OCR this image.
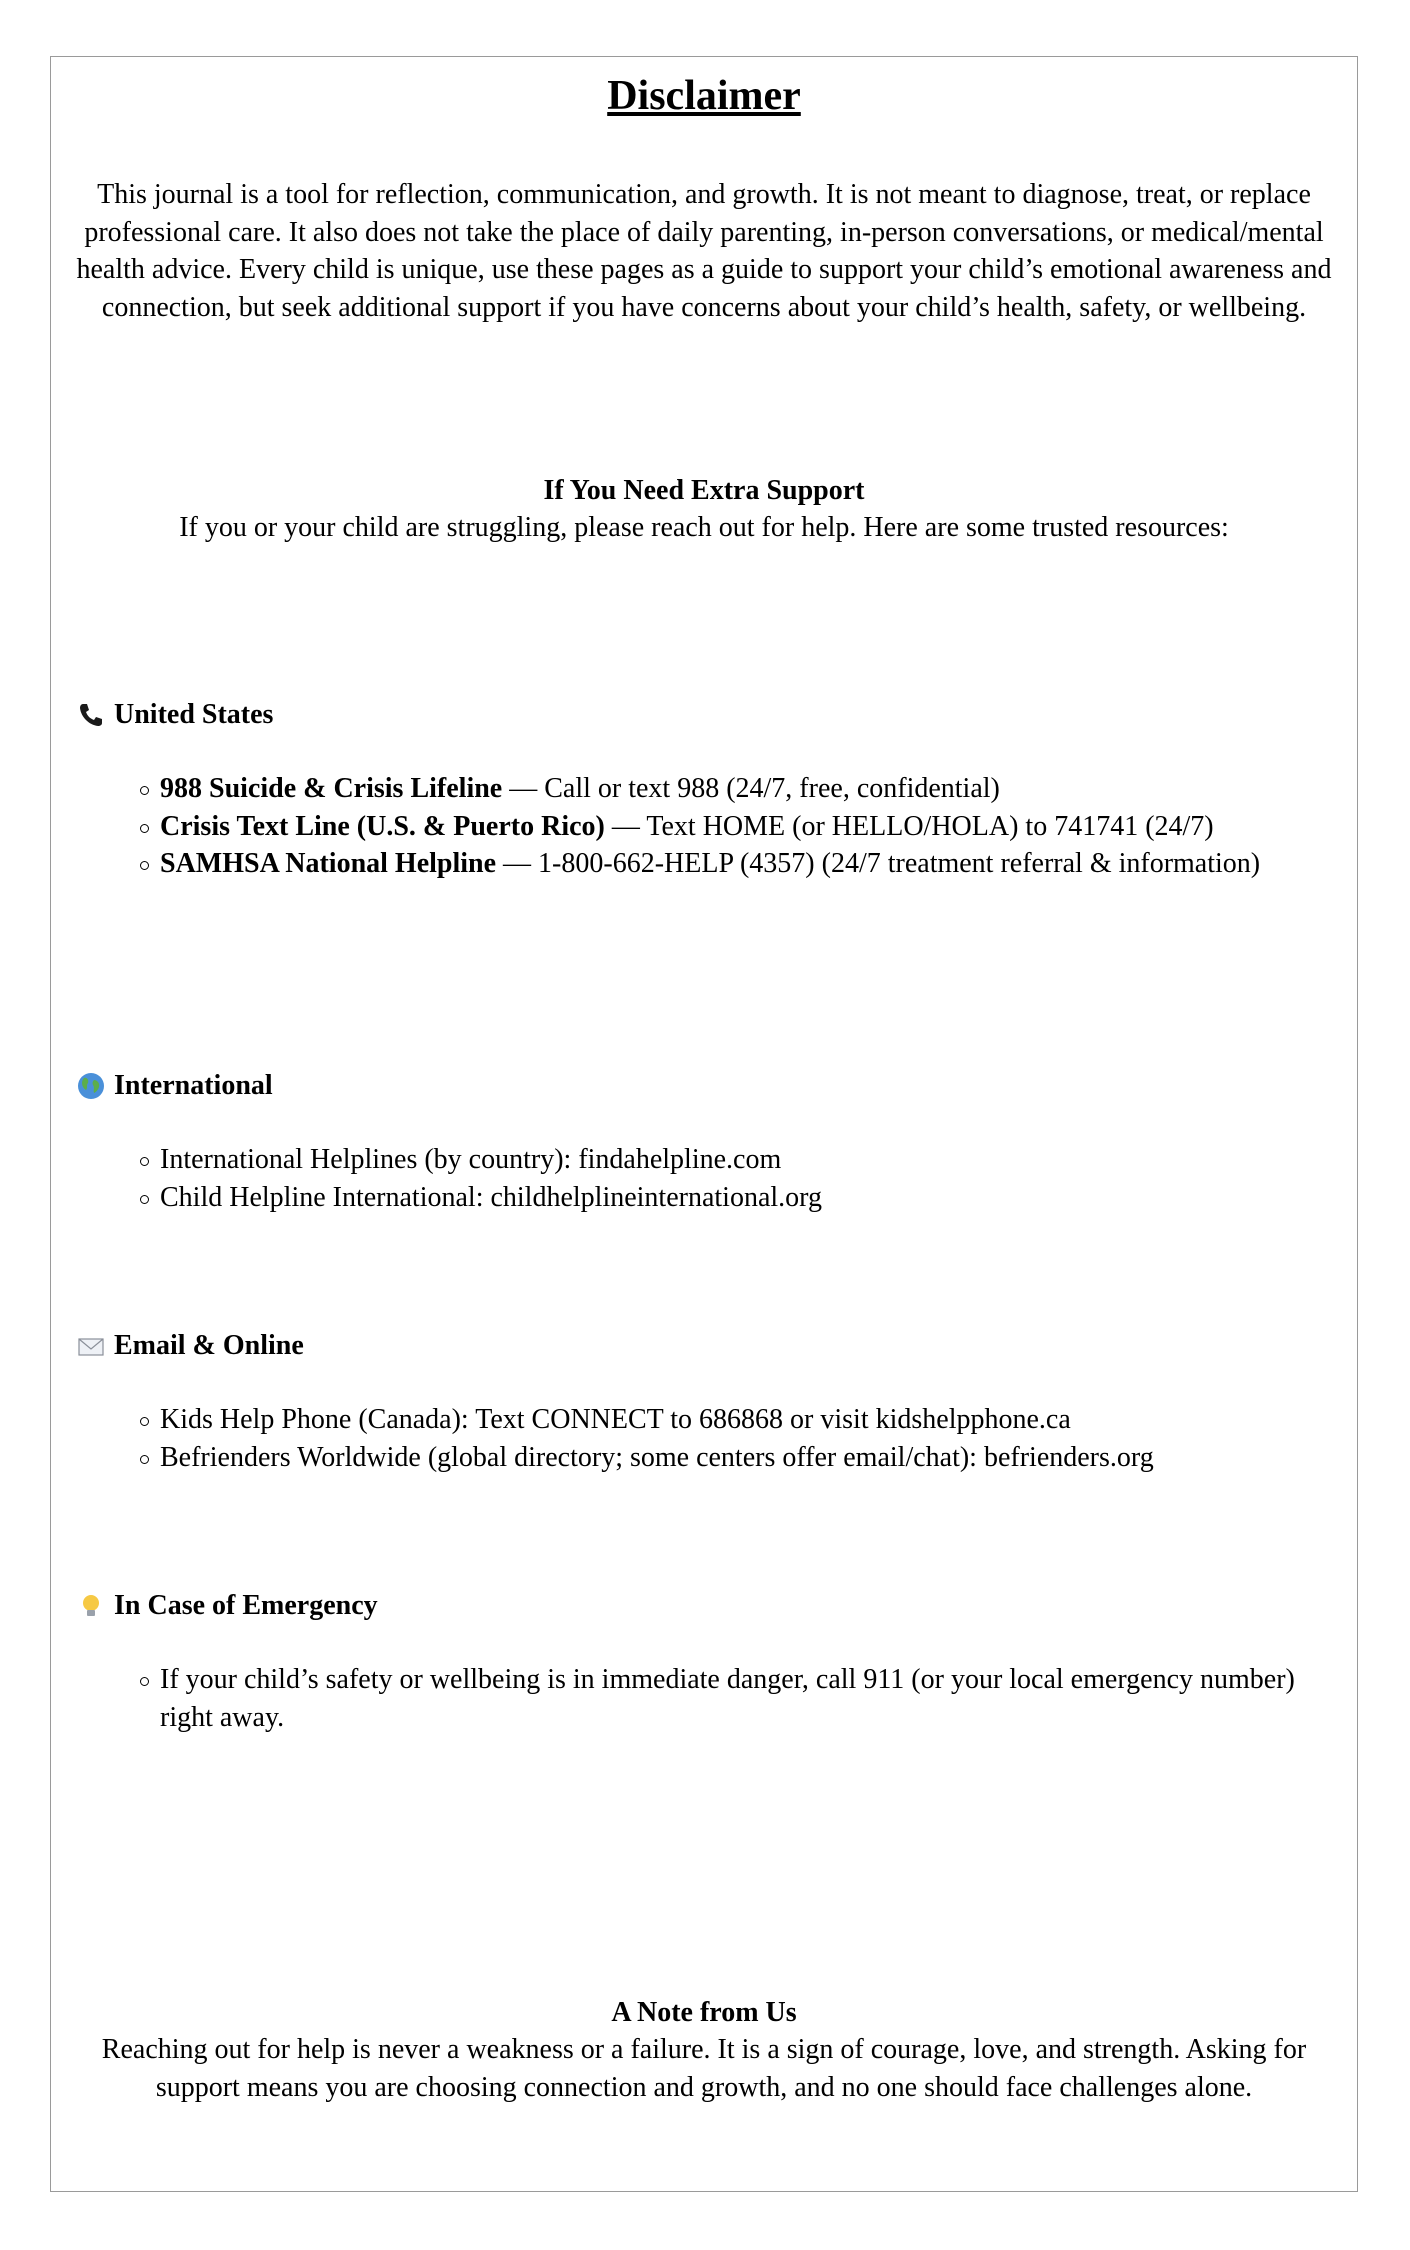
Disclaimer
This journal is a tool for reflection, communication, and growth. It is not meant to diagnose, treat, or replace professional care. It also does not take the place of daily parenting, in-person conversations, or medical/mental health advice. Every child is unique, use these pages as a guide to support your child’s emotional awareness and connection, but seek additional support if you have concerns about your child’s health, safety, or wellbeing.
If You Need Extra Support
If you or your child are struggling, please reach out for help. Here are some trusted resources:
United States
988 Suicide & Crisis Lifeline — Call or text 988 (24/7, free, confidential)
Crisis Text Line (U.S. & Puerto Rico) — Text HOME (or HELLO/HOLA) to 741741 (24/7)
SAMHSA National Helpline — 1-800-662-HELP (4357) (24/7 treatment referral & information)
International
International Helplines (by country): findahelpline.com
Child Helpline International: childhelplineinternational.org
Email & Online
Kids Help Phone (Canada): Text CONNECT to 686868 or visit kidshelpphone.ca
Befrienders Worldwide (global directory; some centers offer email/chat): befrienders.org
In Case of Emergency
If your child’s safety or wellbeing is in immediate danger, call 911 (or your local emergency number) right away.
A Note from Us
Reaching out for help is never a weakness or a failure. It is a sign of courage, love, and strength. Asking for support means you are choosing connection and growth, and no one should face challenges alone.
